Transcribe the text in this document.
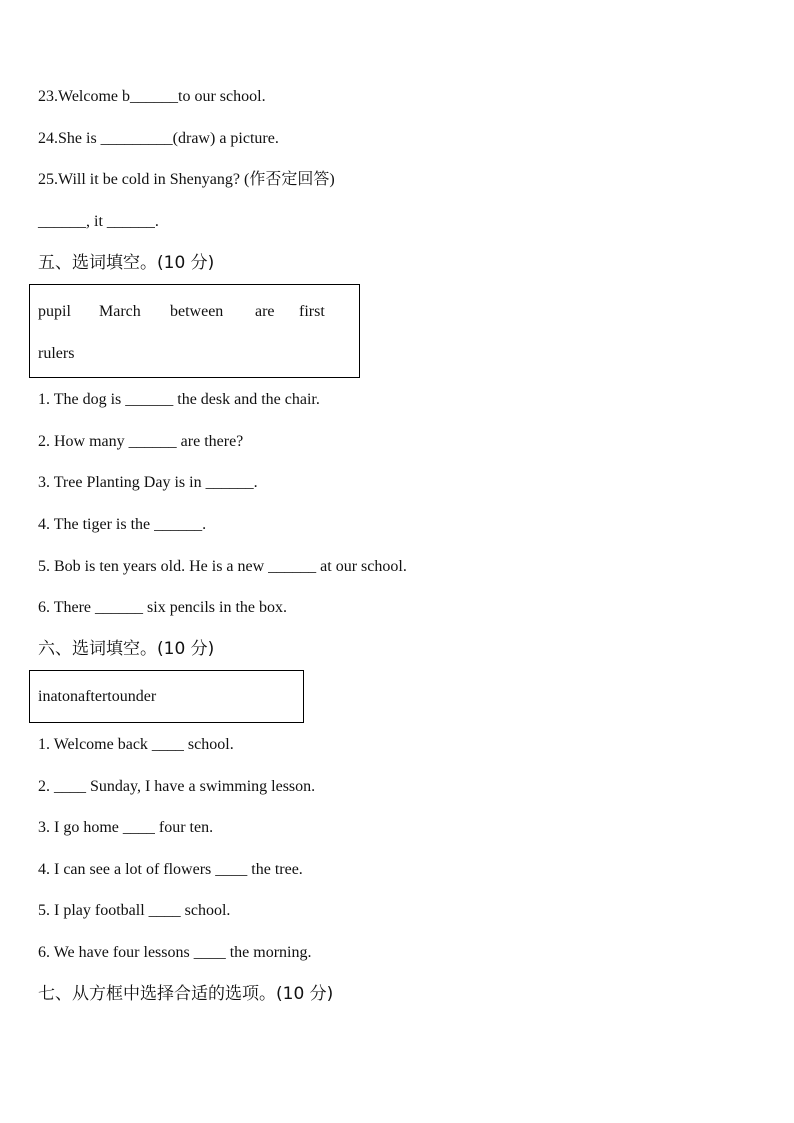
23.Welcome b______to our school.
24.She is _________(draw) a picture.
25.Will it be cold in Shenyang? (作否定回答)
______, it ______.
五、选词填空。(10 分)
pupil March between are first
rulers
1. The dog is ______ the desk and the chair.
2. How many ______ are there?
3. Tree Planting Day is in ______.
4. The tiger is the ______.
5. Bob is ten years old. He is a new ______ at our school.
6. There ______ six pencils in the box.
六、选词填空。(10 分)
inatonaftertounder
1. Welcome back ____ school.
2. ____ Sunday, I have a swimming lesson.
3. I go home ____ four ten.
4. I can see a lot of flowers ____ the tree.
5. I play football ____ school.
6. We have four lessons ____ the morning.
七、从方框中选择合适的选项。(10 分)
